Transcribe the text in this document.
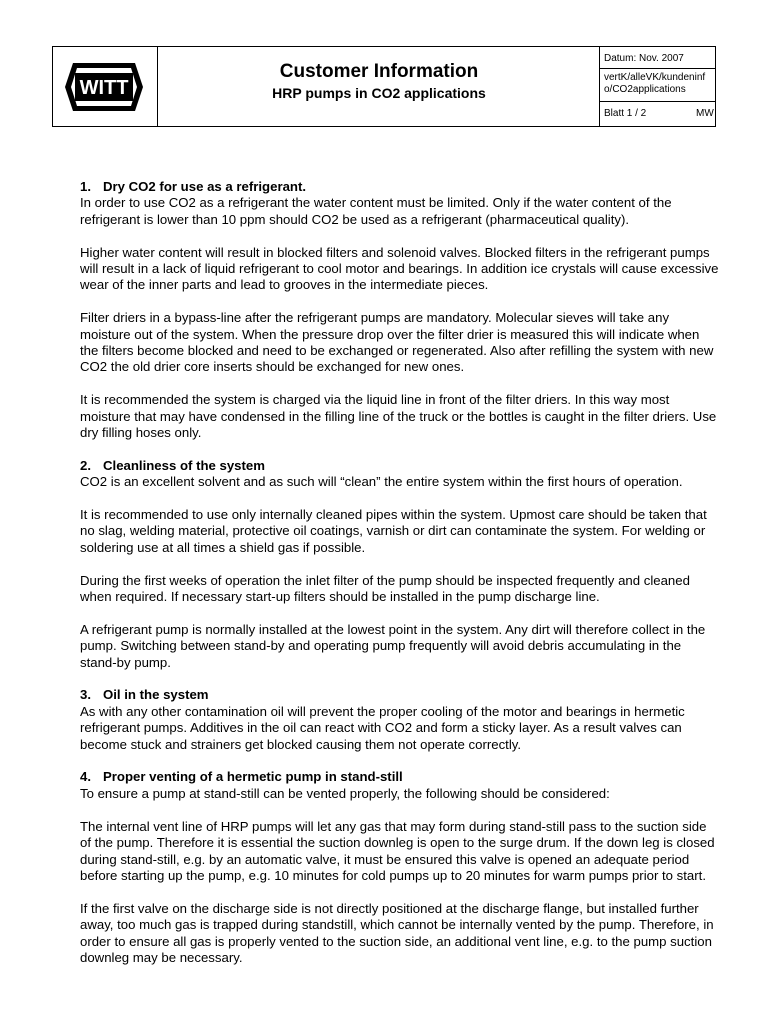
WITT
Customer Information
HRP pumps in CO2 applications
Datum: Nov. 2007
vertK/alleVK/kundeninfo/CO2applications
Blatt 1 / 2	MW
1. Dry CO2 for use as a refrigerant.

In order to use CO2 as a refrigerant the water content must be limited. Only if the water content of the refrigerant is lower than 10 ppm should CO2 be used as a refrigerant (pharmaceutical quality).

Higher water content will result in blocked filters and solenoid valves. Blocked filters in the refrigerant pumps will result in a lack of liquid refrigerant to cool motor and bearings. In addition ice crystals will cause excessive wear of the inner parts and lead to grooves in the intermediate pieces.

Filter driers in a bypass-line after the refrigerant pumps are mandatory. Molecular sieves will take any moisture out of the system. When the pressure drop over the filter drier is measured this will indicate when the filters become blocked and need to be exchanged or regenerated. Also after refilling the system with new CO2 the old drier core inserts should be exchanged for new ones.

It is recommended the system is charged via the liquid line in front of the filter driers. In this way most moisture that may have condensed in the filling line of the truck or the bottles is caught in the filter driers. Use dry filling hoses only.

2. Cleanliness of the system

CO2 is an excellent solvent and as such will “clean” the entire system within the first hours of operation.

It is recommended to use only internally cleaned pipes within the system. Upmost care should be taken that no slag, welding material, protective oil coatings, varnish or dirt can contaminate the system. For welding or soldering use at all times a shield gas if possible.

During the first weeks of operation the inlet filter of the pump should be inspected frequently and cleaned when required. If necessary start-up filters should be installed in the pump discharge line.

A refrigerant pump is normally installed at the lowest point in the system. Any dirt will therefore collect in the pump. Switching between stand-by and operating pump frequently will avoid debris accumulating in the stand-by pump.

3. Oil in the system

As with any other contamination oil will prevent the proper cooling of the motor and bearings in hermetic refrigerant pumps. Additives in the oil can react with CO2 and form a sticky layer. As a result valves can become stuck and strainers get blocked causing them not operate correctly.

4. Proper venting of a hermetic pump in stand-still

To ensure a pump at stand-still can be vented properly, the following should be considered:

The internal vent line of HRP pumps will let any gas that may form during stand-still pass to the suction side of the pump. Therefore it is essential the suction downleg is open to the surge drum. If the down leg is closed during stand-still, e.g. by an automatic valve, it must be ensured this valve is opened an adequate period before starting up the pump, e.g. 10 minutes for cold pumps up to 20 minutes for warm pumps prior to start.

If the first valve on the discharge side is not directly positioned at the discharge flange, but installed further away, too much gas is trapped during standstill, which cannot be internally vented by the pump. Therefore, in order to ensure all gas is properly vented to the suction side, an additional vent line, e.g. to the pump suction downleg may be necessary.
